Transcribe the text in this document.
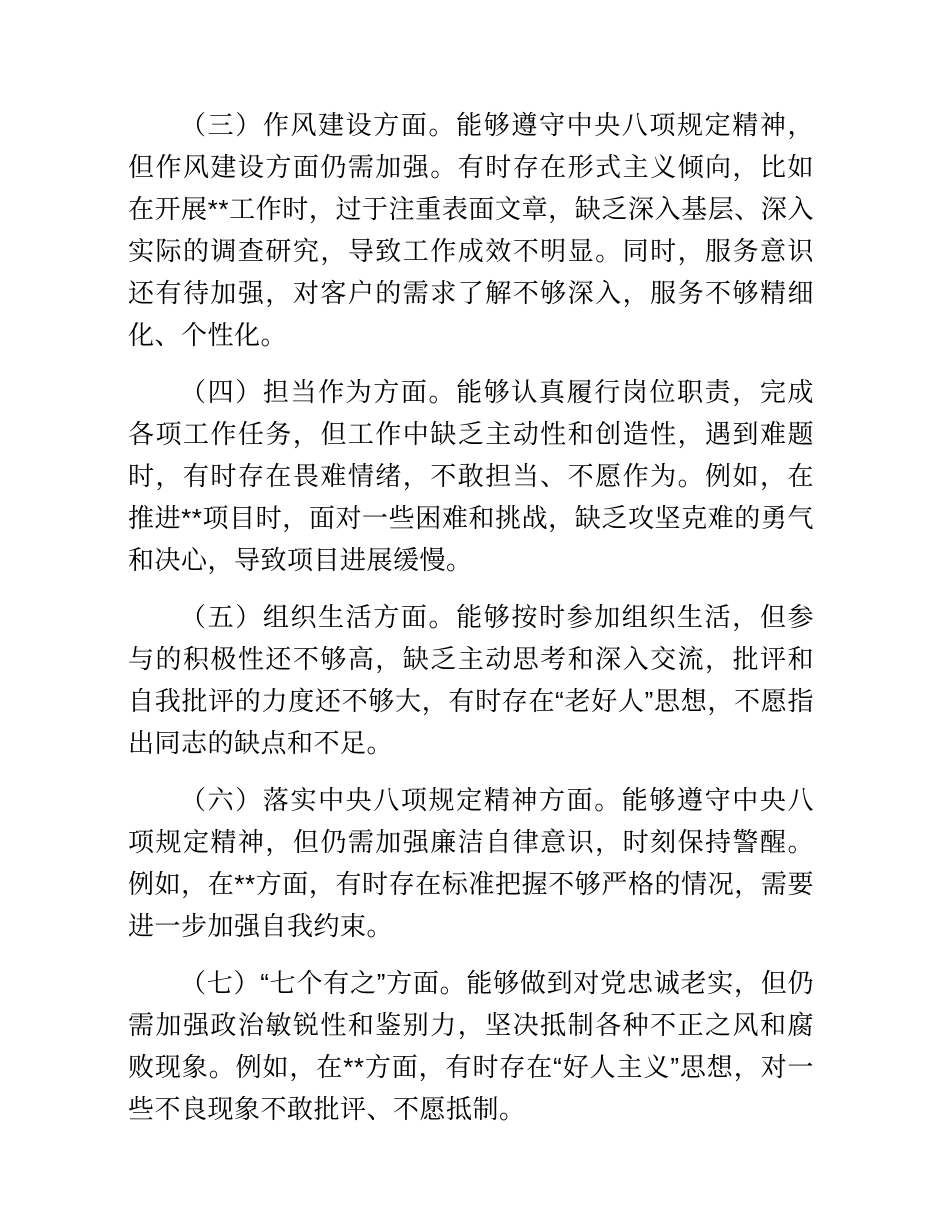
（三）作风建设方面。能够遵守中央八项规定精神，但作风建设方面仍需加强。有时存在形式主义倾向，比如在开展**工作时，过于注重表面文章，缺乏深入基层、深入实际的调查研究，导致工作成效不明显。同时，服务意识还有待加强，对客户的需求了解不够深入，服务不够精细化、个性化。

（四）担当作为方面。能够认真履行岗位职责，完成各项工作任务，但工作中缺乏主动性和创造性，遇到难题时，有时存在畏难情绪，不敢担当、不愿作为。例如，在推进**项目时，面对一些困难和挑战，缺乏攻坚克难的勇气和决心，导致项目进展缓慢。

（五）组织生活方面。能够按时参加组织生活，但参与的积极性还不够高，缺乏主动思考和深入交流，批评和自我批评的力度还不够大，有时存在“老好人”思想，不愿指出同志的缺点和不足。

（六）落实中央八项规定精神方面。能够遵守中央八项规定精神，但仍需加强廉洁自律意识，时刻保持警醒。例如，在**方面，有时存在标准把握不够严格的情况，需要进一步加强自我约束。

（七）“七个有之”方面。能够做到对党忠诚老实，但仍需加强政治敏锐性和鉴别力，坚决抵制各种不正之风和腐败现象。例如，在**方面，有时存在“好人主义”思想，对一些不良现象不敢批评、不愿抵制。
